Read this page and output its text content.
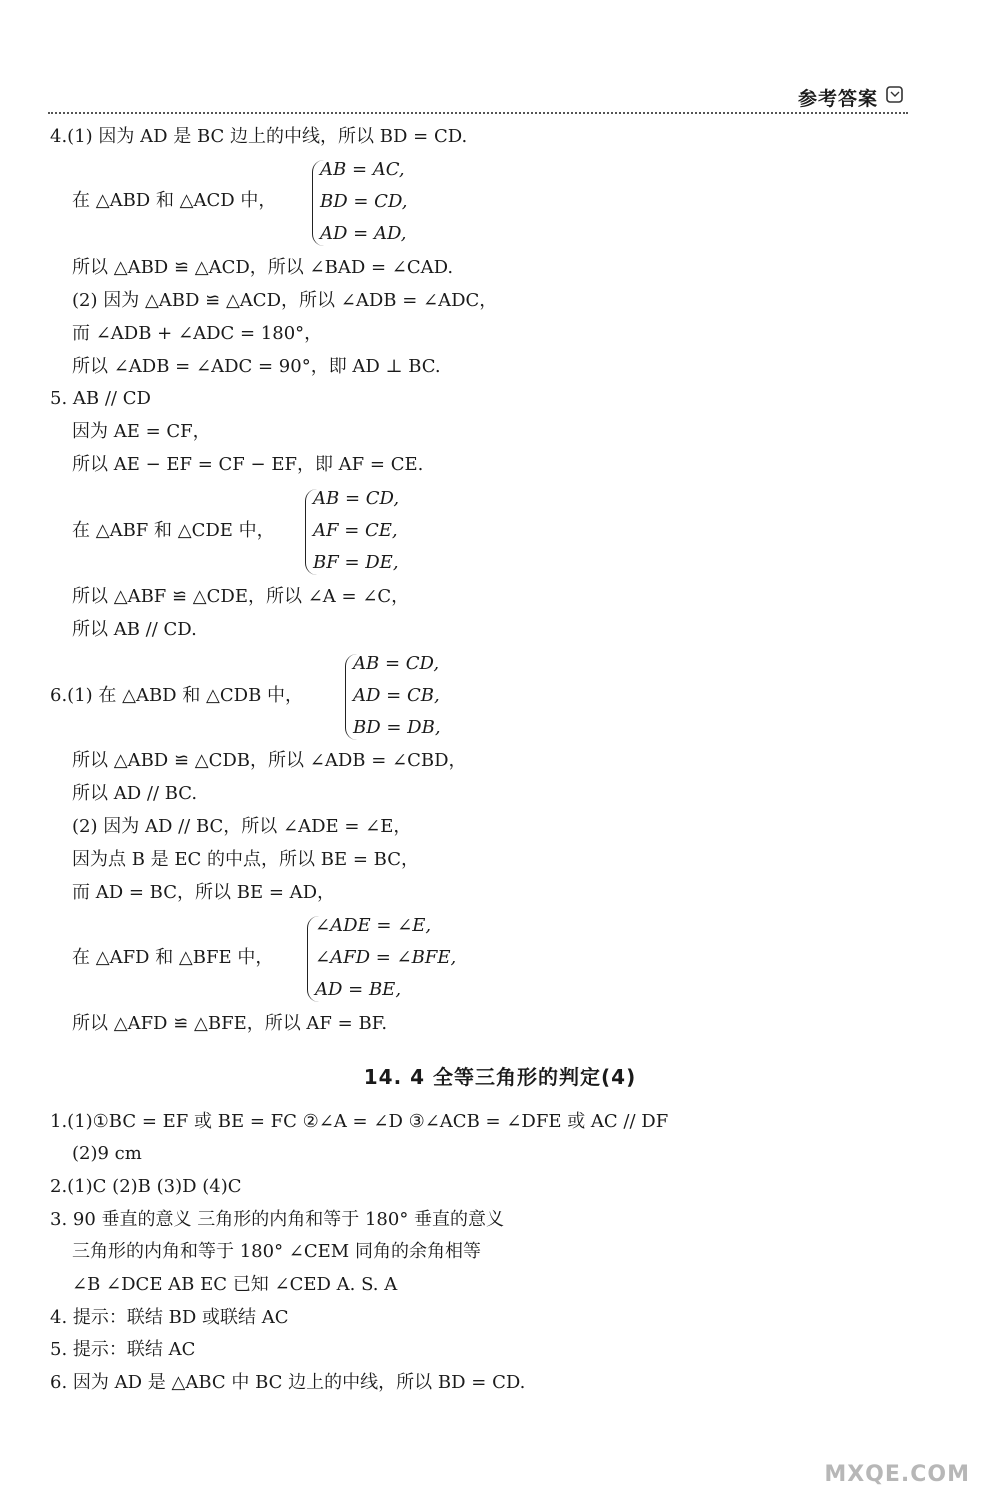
参考答案
4.(1) 因为 AD 是 BC 边上的中线，所以 BD = CD.
在 △ABD 和 △ACD 中，
AB = AC,
BD = CD,
AD = AD,
所以 △ABD ≌ △ACD，所以 ∠BAD = ∠CAD.
(2) 因为 △ABD ≌ △ACD，所以 ∠ADB = ∠ADC，
而 ∠ADB + ∠ADC = 180°，
所以 ∠ADB = ∠ADC = 90°，即 AD ⊥ BC.
5. AB // CD
因为 AE = CF，
所以 AE − EF = CF − EF，即 AF = CE.
在 △ABF 和 △CDE 中，
AB = CD,
AF = CE,
BF = DE,
所以 △ABF ≌ △CDE，所以 ∠A = ∠C，
所以 AB // CD.
6.(1) 在 △ABD 和 △CDB 中，
AB = CD,
AD = CB,
BD = DB,
所以 △ABD ≌ △CDB，所以 ∠ADB = ∠CBD，
所以 AD // BC.
(2) 因为 AD // BC，所以 ∠ADE = ∠E，
因为点 B 是 EC 的中点，所以 BE = BC，
而 AD = BC，所以 BE = AD，
在 △AFD 和 △BFE 中，
∠ADE = ∠E,
∠AFD = ∠BFE,
AD = BE,
所以 △AFD ≌ △BFE，所以 AF = BF.
14. 4 全等三角形的判定(4)
1.(1)①BC = EF 或 BE = FC ②∠A = ∠D ③∠ACB = ∠DFE 或 AC // DF
(2)9 cm
2.(1)C (2)B (3)D (4)C
3. 90 垂直的意义 三角形的内角和等于 180° 垂直的意义
三角形的内角和等于 180° ∠CEM 同角的余角相等
∠B ∠DCE AB EC 已知 ∠CED A. S. A
4. 提示：联结 BD 或联结 AC
5. 提示：联结 AC
6. 因为 AD 是 △ABC 中 BC 边上的中线，所以 BD = CD.
MXQE.COM
